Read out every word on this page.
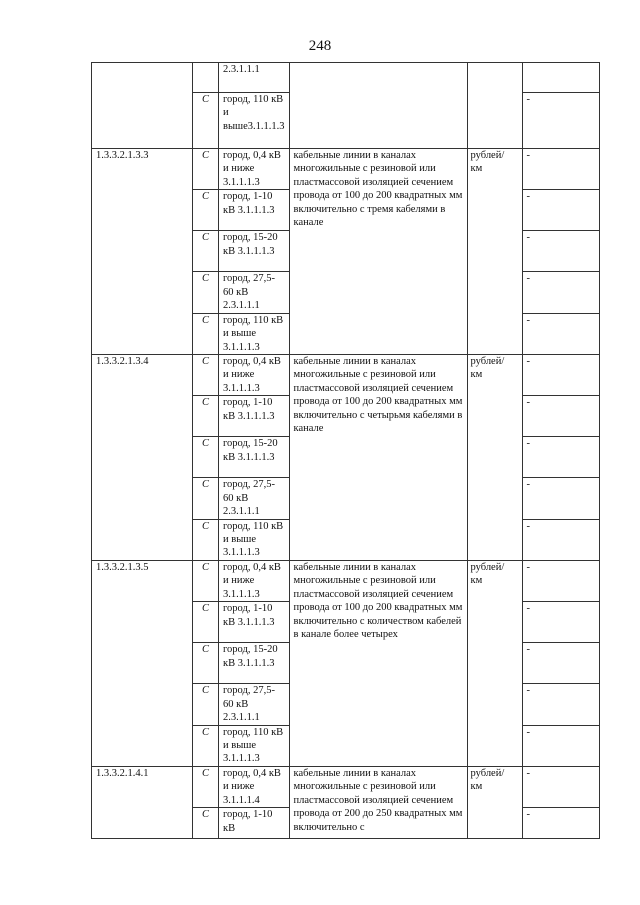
248
		2.3.1.1.1			
	C	город, 110 кВ и выше3.1.1.1.3			-
1.3.3.2.1.3.3	C	город, 0,4 кВ и ниже 3.1.1.1.3	кабельные линии в каналах многожильные с резиновой или пластмассовой изоляцией сечением провода от 100 до 200 квадратных мм включительно с тремя кабелями в канале	рублей/ км	-
	C	город, 1-10 кВ 3.1.1.1.3			-
	C	город, 15-20 кВ 3.1.1.1.3			-
	C	город, 27,5-60 кВ 2.3.1.1.1			-
	C	город, 110 кВ и выше 3.1.1.1.3			-
1.3.3.2.1.3.4	C	город, 0,4 кВ и ниже 3.1.1.1.3	кабельные линии в каналах многожильные с резиновой или пластмассовой изоляцией сечением провода от 100 до 200 квадратных мм включительно с четырьмя кабелями в канале	рублей/ км	-
	C	город, 1-10 кВ 3.1.1.1.3			-
	C	город, 15-20 кВ 3.1.1.1.3			-
	C	город, 27,5-60 кВ 2.3.1.1.1			-
	C	город, 110 кВ и выше 3.1.1.1.3			-
1.3.3.2.1.3.5	C	город, 0,4 кВ и ниже 3.1.1.1.3	кабельные линии в каналах многожильные с резиновой или пластмассовой изоляцией сечением провода от 100 до 200 квадратных мм включительно с количеством кабелей в канале более четырех	рублей/ км	-
	C	город, 1-10 кВ 3.1.1.1.3			-
	C	город, 15-20 кВ 3.1.1.1.3			-
	C	город, 27,5-60 кВ 2.3.1.1.1			-
	C	город, 110 кВ и выше 3.1.1.1.3			-
1.3.3.2.1.4.1	C	город, 0,4 кВ и ниже 3.1.1.1.4	кабельные линии в каналах многожильные с резиновой или пластмассовой изоляцией сечением провода от 200 до 250 квадратных мм включительно с	рублей/ км	-
	C	город, 1-10 кВ			-
